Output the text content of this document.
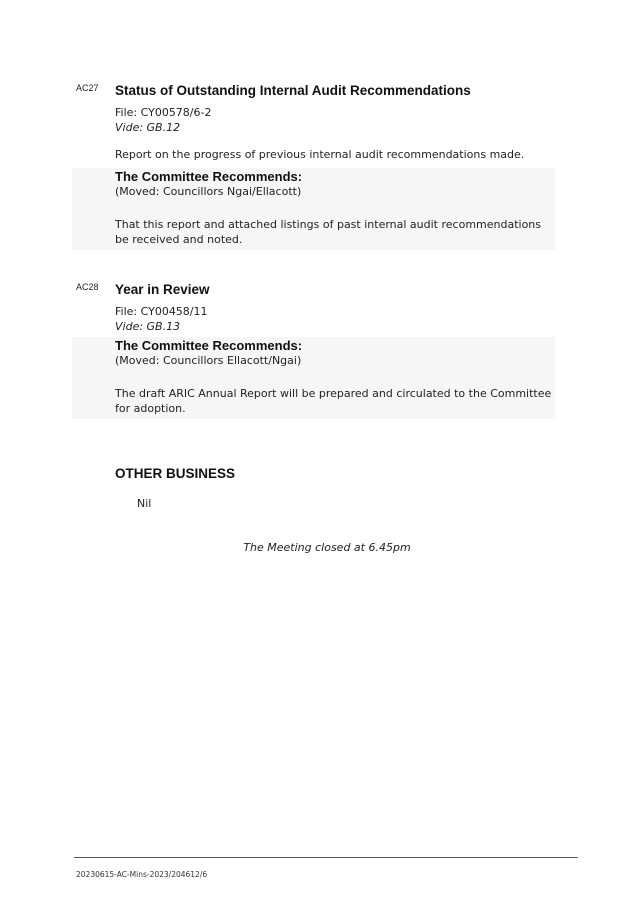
AC27 Status of Outstanding Internal Audit Recommendations
File: CY00578/6-2
Vide: GB.12
Report on the progress of previous internal audit recommendations made.
The Committee Recommends:
(Moved: Councillors Ngai/Ellacott)
That this report and attached listings of past internal audit recommendations be received and noted.
AC28 Year in Review
File: CY00458/11
Vide: GB.13
The Committee Recommends:
(Moved: Councillors Ellacott/Ngai)
The draft ARIC Annual Report will be prepared and circulated to the Committee for adoption.
OTHER BUSINESS
Nil
The Meeting closed at 6.45pm
20230615-AC-Mins-2023/204612/6
